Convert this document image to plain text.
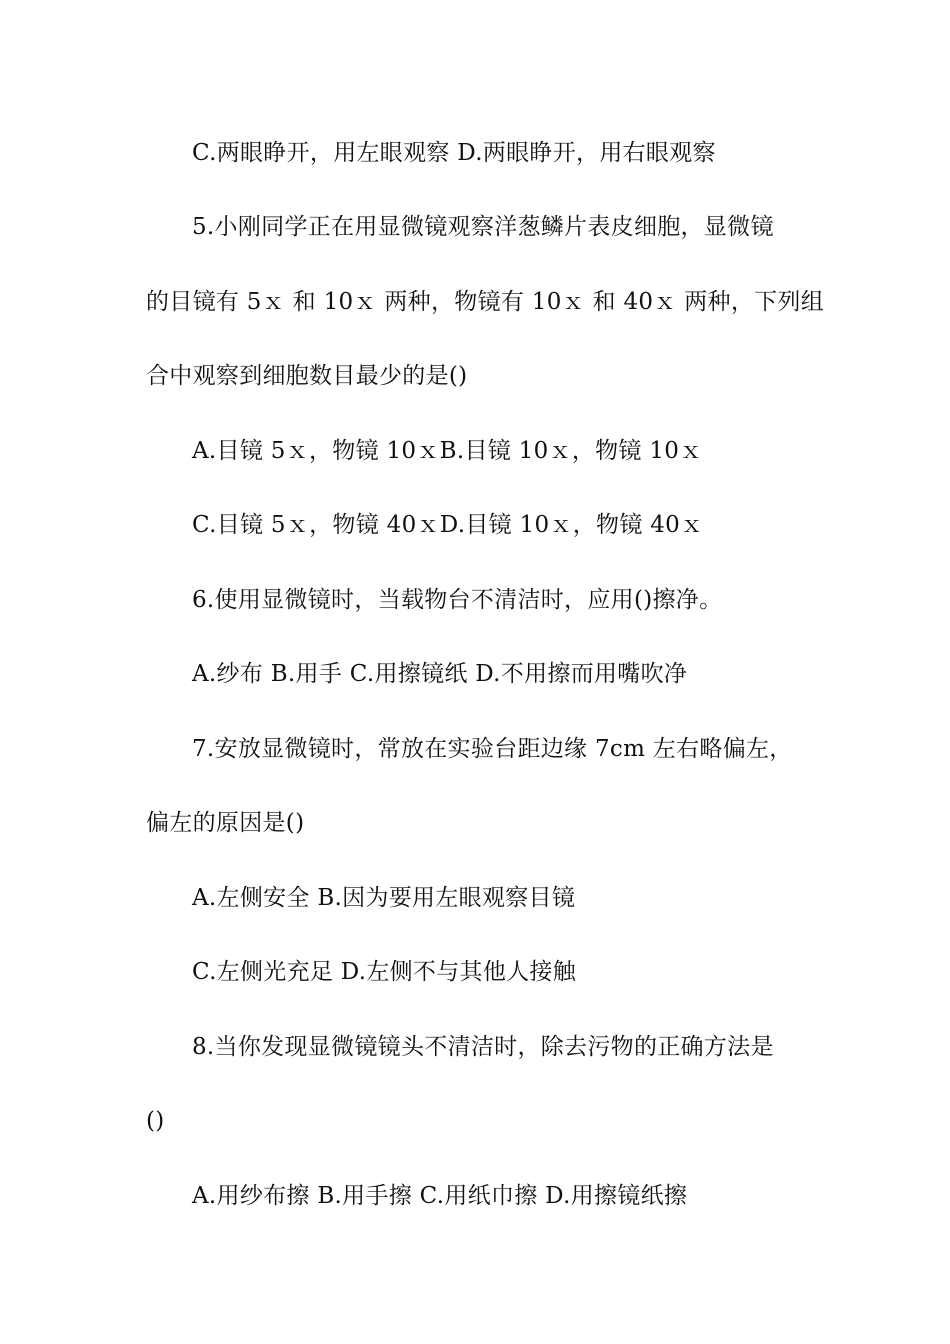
C.两眼睁开，用左眼观察 D.两眼睁开，用右眼观察
5.小刚同学正在用显微镜观察洋葱鳞片表皮细胞，显微镜
的目镜有 5ｘ 和 10ｘ 两种，物镜有 10ｘ 和 40ｘ 两种，下列组
合中观察到细胞数目最少的是()
A.目镜 5ｘ，物镜 10ｘB.目镜 10ｘ，物镜 10ｘ
C.目镜 5ｘ，物镜 40ｘD.目镜 10ｘ，物镜 40ｘ
6.使用显微镜时，当载物台不清洁时，应用()擦净。
A.纱布 B.用手 C.用擦镜纸 D.不用擦而用嘴吹净
7.安放显微镜时，常放在实验台距边缘 7cm 左右略偏左，
偏左的原因是()
A.左侧安全 B.因为要用左眼观察目镜
C.左侧光充足 D.左侧不与其他人接触
8.当你发现显微镜镜头不清洁时，除去污物的正确方法是
()
A.用纱布擦 B.用手擦 C.用纸巾擦 D.用擦镜纸擦
